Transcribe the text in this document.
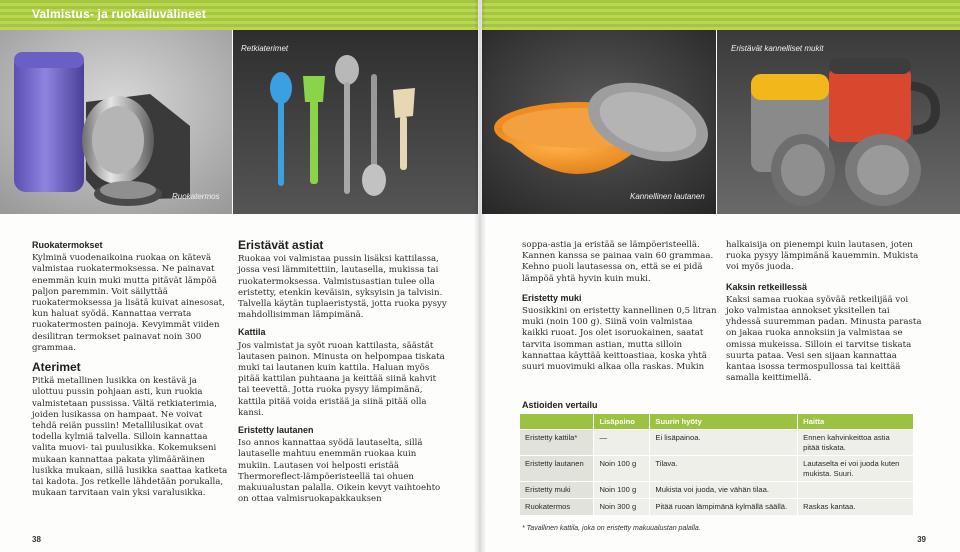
Valmistus- ja ruokailuvälineet
Ruokatermos
Retkiaterimet
Ruokatermokset

Kylminä vuodenaikoina ruokaa on kätevä valmistaa ruokatermoksessa. Ne painavat enemmän kuin muki mutta pitävät lämpöä paljon paremmin. Voit säilyttää ruokatermoksessa ja lisätä kuivat ainesosat, kun haluat syödä. Kannattaa verrata ruokatermosten painoja. Kevyimmät viiden desilitran termokset painavat noin 300 grammaa.

Aterimet

Pitkä metallinen lusikka on kestävä ja ulottuu pussin pohjaan asti, kun ruokia valmistetaan pussissa. Vältä retkiaterimia, joiden lusikassa on hampaat. Ne voivat tehdä reiän pussiin! Metallilusikat ovat todella kylmiä talvella. Silloin kannattaa valita muovi- tai puulusikka. Kokemukseni mukaan kannattaa pakata ylimääräinen lusikka mukaan, sillä lusikka saattaa katketa tai kadota. Jos retkelle lähdetään porukalla, mukaan tarvitaan vain yksi varalusikka.

Eristävät astiat

Ruokaa voi valmistaa pussin lisäksi kattilassa, jossa vesi lämmitettiin, lautasella, mukissa tai ruokatermoksessa. Valmistusastian tulee olla eristetty, etenkin keväisin, syksyisin ja talvisin. Talvella käytän tuplaeristystä, jotta ruoka pysyy mahdollisimman lämpimänä.

Kattila

Jos valmistat ja syöt ruoan kattilasta, säästät lautasen painon. Minusta on helpompaa tiskata muki tai lautanen kuin kattila. Haluan myös pitää kattilan puhtaana ja keittää siinä kahvit tai teevettä. Jotta ruoka pysyy lämpimänä, kattila pitää voida eristää ja siinä pitää olla kansi.

Eristetty lautanen

Iso annos kannattaa syödä lautaselta, sillä lautaselle mahtuu enemmän ruokaa kuin mukiin. Lautasen voi helposti eristää Thermoreflect-lämpöeristeellä tai ohuen makuualustan palalla. Oikein kevyt vaihtoehto on ottaa valmisruokapakkauksen

38
Kannellinen lautanen
Eristävät kannelliset mukit

soppa-astia ja eristää se lämpöeristeellä. Kannen kanssa se painaa vain 60 grammaa. Kehno puoli lautasessa on, että se ei pidä lämpöä yhtä hyvin kuin muki.

Eristetty muki

Suosikkini on eristetty kannellinen 0,5 litran muki (noin 100 g). Siinä voin valmistaa kaikki ruoat. Jos olet isoruokainen, saatat tarvita isomman astian, mutta silloin kannattaa käyttää keittoastiaa, koska yhtä suuri muovimuki alkaa olla raskas. Mukin

halkaisija on pienempi kuin lautasen, joten ruoka pysyy lämpimänä kauemmin. Mukista voi myös juoda.

Kaksin retkeillessä

Kaksi samaa ruokaa syövää retkeilijää voi joko valmistaa annokset yksitellen tai yhdessä suuremman padan. Minusta parasta on jakaa ruoka annoksiin ja valmistaa se omissa mukeissa. Silloin ei tarvitse tiskata suurta pataa. Vesi sen sijaan kannattaa kantaa isossa termospullossa tai keittää samalla keittimellä.

Astioiden vertailu
	Lisäpaino	Suurin hyöty	Haitta
Eristetty kattila*	—	Ei lisäpainoa.	Ennen kahvinkeittoa astia pitää tiskata.
Eristetty lautanen	Noin 100 g	Tilava.	Lautaselta ei voi juoda kuten mukista. Suuri.
Eristetty muki	Noin 100 g	Mukista voi juoda, vie vähän tilaa.	
Ruokatermos	Noin 300 g	Pitää ruoan lämpimänä kylmällä säällä.	Raskas kantaa.
* Tavallinen kattila, joka on eristetty makuualustan palalla.
39
